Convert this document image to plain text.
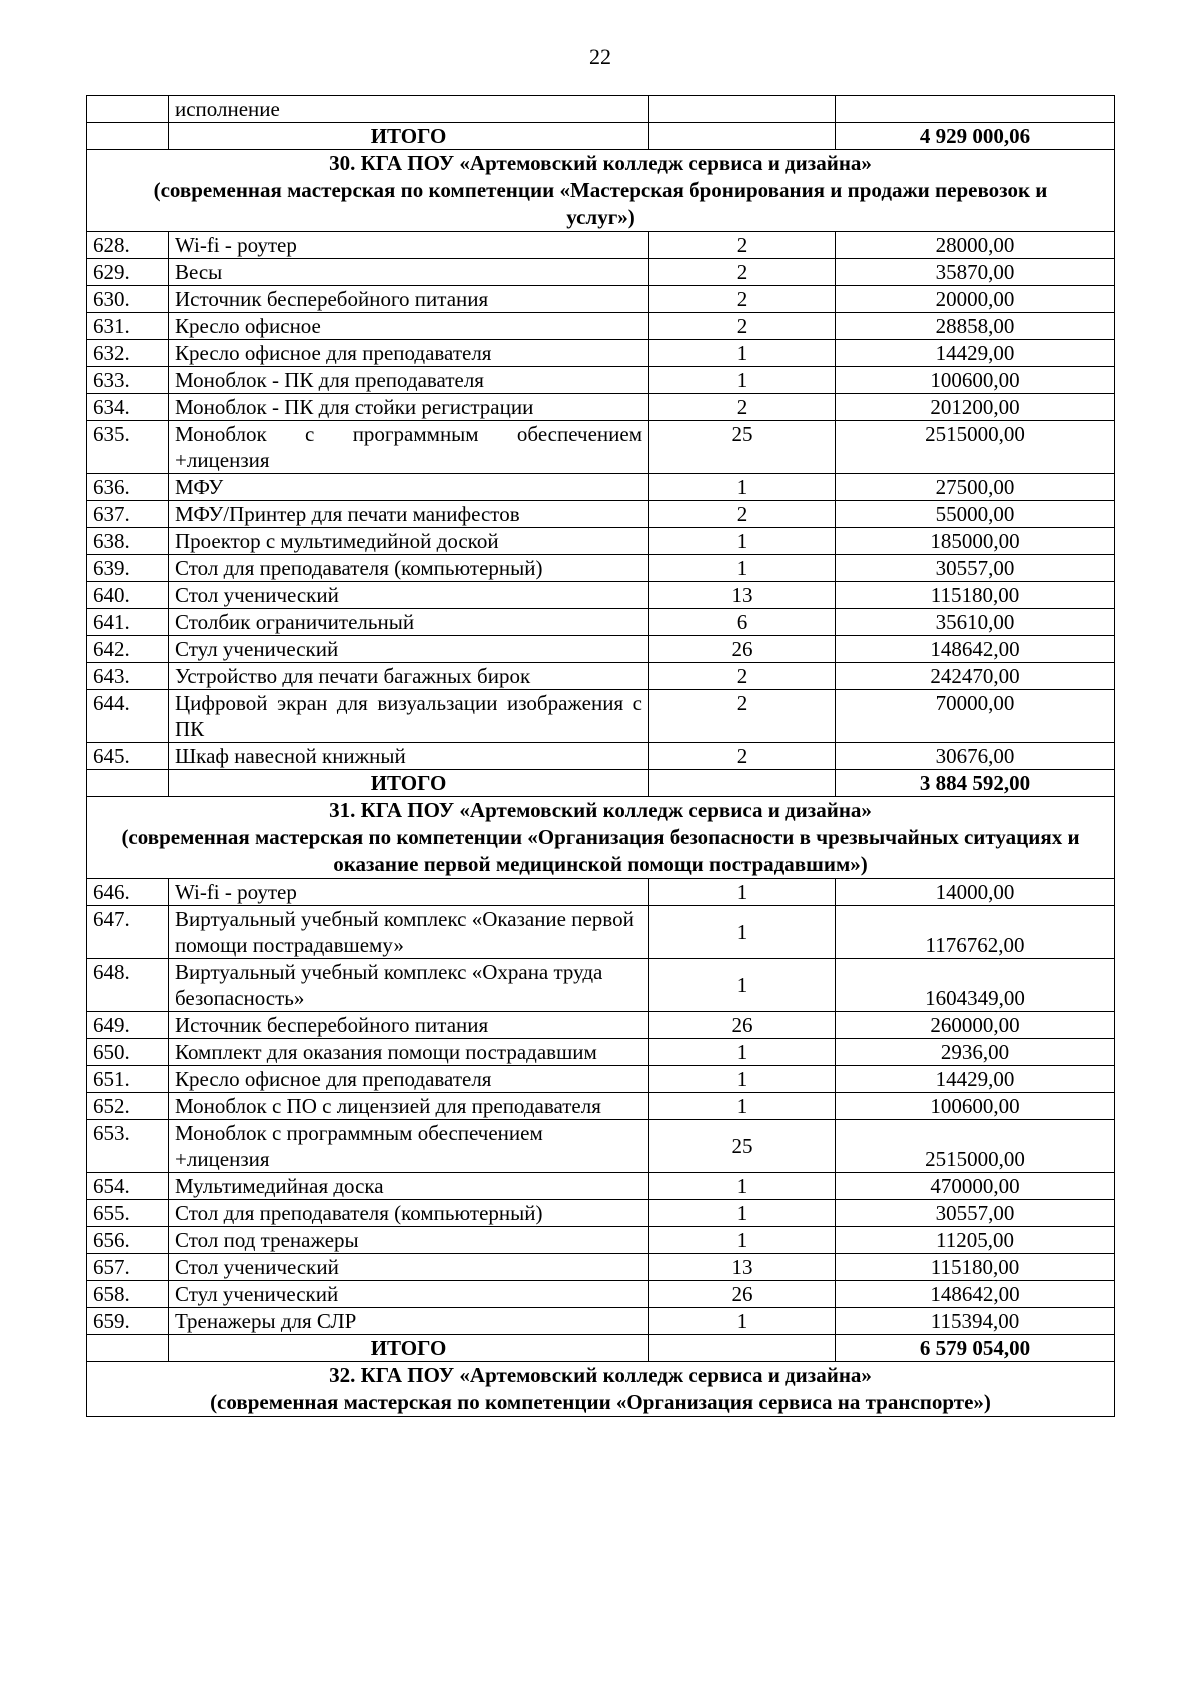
22
	исполнение		
	ИТОГО		4 929 000,06

30. КГА ПОУ «Артемовский колледж сервиса и дизайна»
(современная мастерская по компетенции «Мастерская бронирования и продажи перевозок и услуг»)			

628.	Wi-fi - роутер	2	28000,00
629.	Весы	2	35870,00
630.	Источник бесперебойного питания	2	20000,00
631.	Кресло офисное	2	28858,00
632.	Кресло офисное для преподавателя	1	14429,00
633.	Моноблок - ПК для преподавателя	1	100600,00
634.	Моноблок - ПК для стойки регистрации	2	201200,00
635.	Моноблок с программным обеспечением +лицензия	25	2515000,00
636.	МФУ	1	27500,00
637.	МФУ/Принтер для печати манифестов	2	55000,00
638.	Проектор с мультимедийной доской	1	185000,00
639.	Стол для преподавателя (компьютерный)	1	30557,00
640.	Стол ученический	13	115180,00
641.	Столбик ограничительный	6	35610,00
642.	Стул ученический	26	148642,00
643.	Устройство для печати багажных бирок	2	242470,00
644.	Цифровой экран для визуальзации изображения с ПК	2	70000,00
645.	Шкаф навесной книжный	2	30676,00
	ИТОГО		3 884 592,00

31. КГА ПОУ «Артемовский колледж сервиса и дизайна»
(современная мастерская по компетенции «Организация безопасности в чрезвычайных ситуациях и оказание первой медицинской помощи пострадавшим»)			

646.	Wi-fi - роутер	1	14000,00
647.	Виртуальный учебный комплекс «Оказание первой помощи пострадавшему»	1	1176762,00
648.	Виртуальный учебный комплекс «Охрана труда безопасность»	1	1604349,00
649.	Источник бесперебойного питания	26	260000,00
650.	Комплект для оказания помощи пострадавшим	1	2936,00
651.	Кресло офисное для преподавателя	1	14429,00
652.	Моноблок с ПО с лицензией для преподавателя	1	100600,00
653.	Моноблок с программным обеспечением +лицензия	25	2515000,00
654.	Мультимедийная доска	1	470000,00
655.	Стол для преподавателя (компьютерный)	1	30557,00
656.	Стол под тренажеры	1	11205,00
657.	Стол ученический	13	115180,00
658.	Стул ученический	26	148642,00
659.	Тренажеры для СЛР	1	115394,00
	ИТОГО		6 579 054,00

32. КГА ПОУ «Артемовский колледж сервиса и дизайна»
(современная мастерская по компетенции «Организация сервиса на транспорте»)			
